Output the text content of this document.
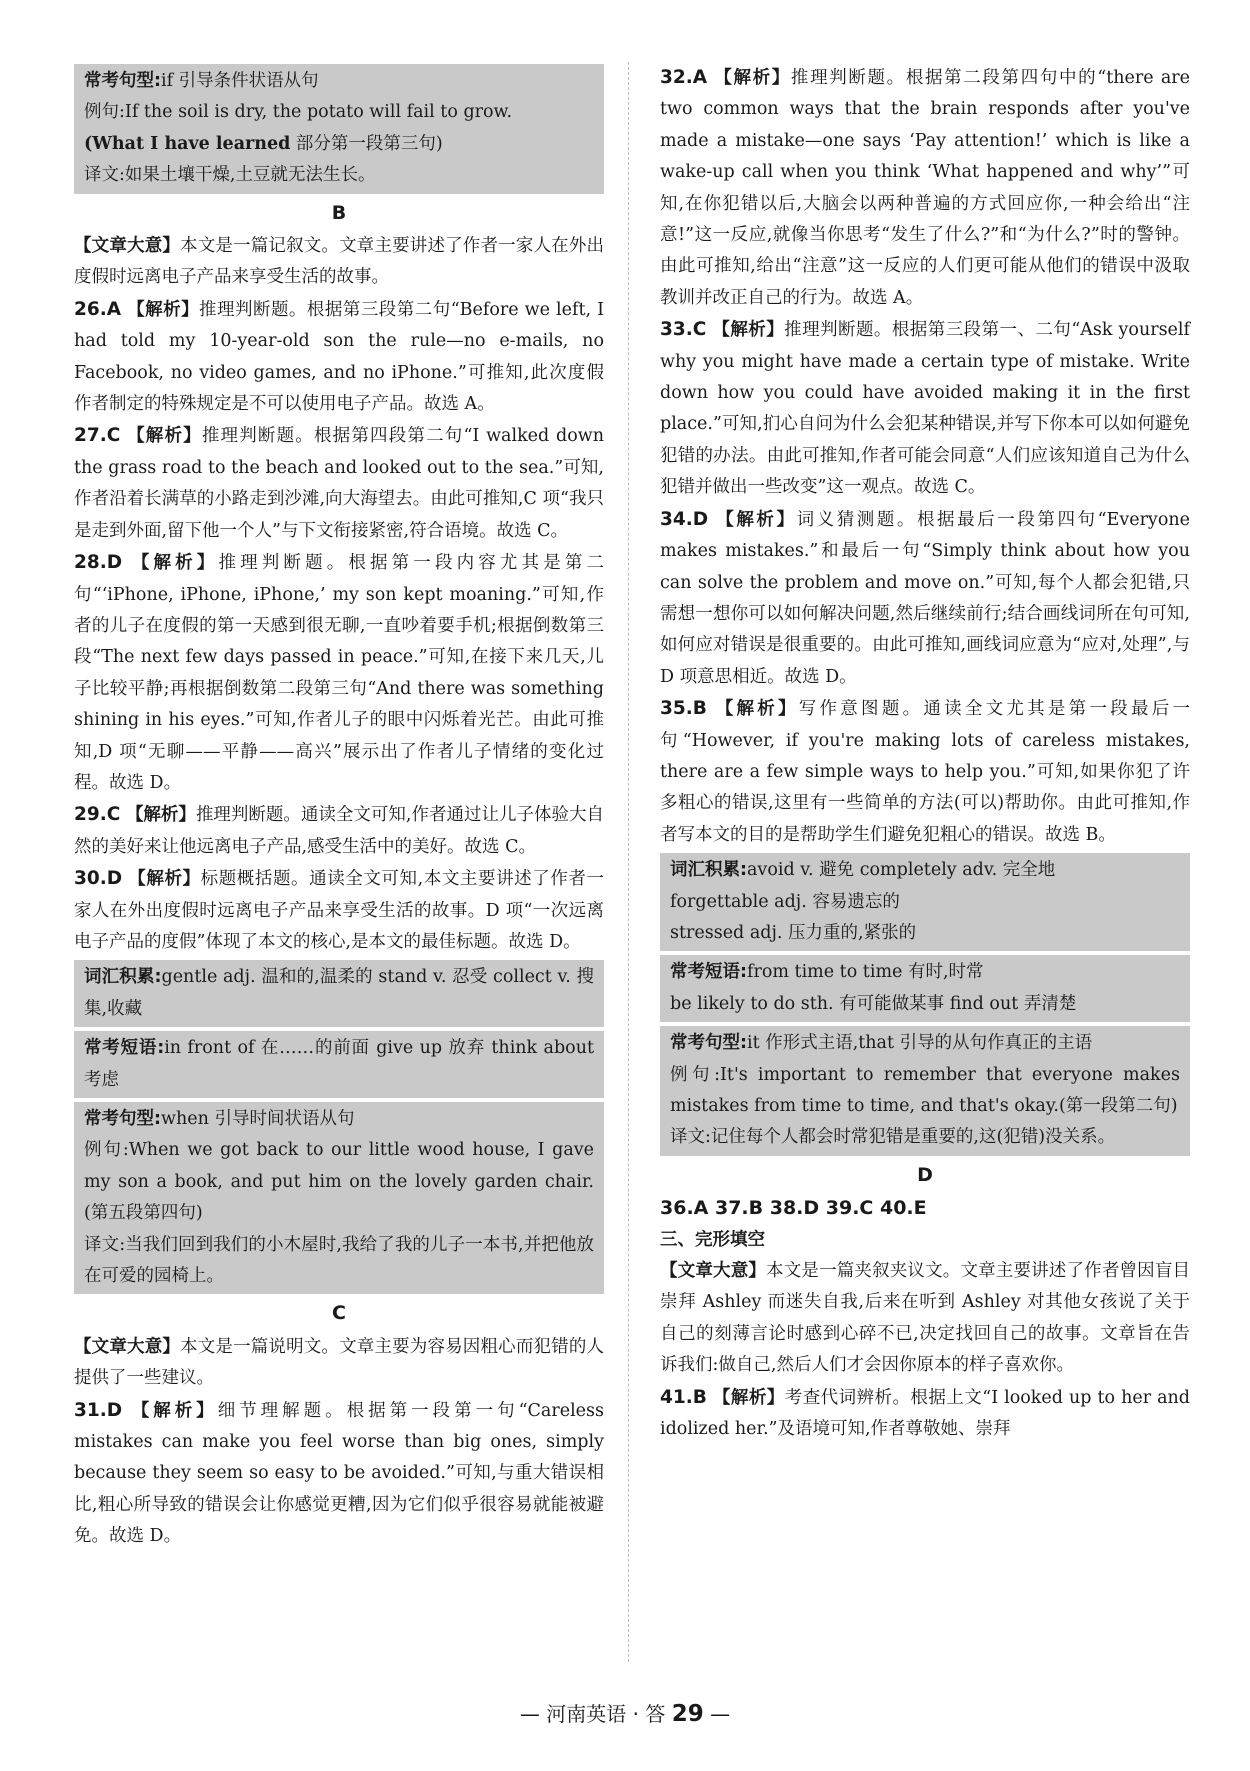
常考句型:if 引导条件状语从句

例句:If the soil is dry, the potato will fail to grow.

(What I have learned 部分第一段第三句)

译文:如果土壤干燥,土豆就无法生长。

B

【文章大意】本文是一篇记叙文。文章主要讲述了作者一家人在外出度假时远离电子产品来享受生活的故事。

26.A 【解析】推理判断题。根据第三段第二句“Before we left, I had told my 10-year-old son the rule—no e-mails, no Facebook, no video games, and no iPhone.”可推知,此次度假作者制定的特殊规定是不可以使用电子产品。故选 A。

27.C 【解析】推理判断题。根据第四段第二句“I walked down the grass road to the beach and looked out to the sea.”可知,作者沿着长满草的小路走到沙滩,向大海望去。由此可推知,C 项“我只是走到外面,留下他一个人”与下文衔接紧密,符合语境。故选 C。

28.D 【解析】推理判断题。根据第一段内容尤其是第二句“‘iPhone, iPhone, iPhone,’ my son kept moaning.”可知,作者的儿子在度假的第一天感到很无聊,一直吵着要手机;根据倒数第三段“The next few days passed in peace.”可知,在接下来几天,儿子比较平静;再根据倒数第二段第三句“And there was something shining in his eyes.”可知,作者儿子的眼中闪烁着光芒。由此可推知,D 项“无聊——平静——高兴”展示出了作者儿子情绪的变化过程。故选 D。

29.C 【解析】推理判断题。通读全文可知,作者通过让儿子体验大自然的美好来让他远离电子产品,感受生活中的美好。故选 C。

30.D 【解析】标题概括题。通读全文可知,本文主要讲述了作者一家人在外出度假时远离电子产品来享受生活的故事。D 项“一次远离电子产品的度假”体现了本文的核心,是本文的最佳标题。故选 D。

词汇积累:gentle adj. 温和的,温柔的 stand v. 忍受 collect v. 搜集,收藏

常考短语:in front of 在……的前面 give up 放弃 think about 考虑

常考句型:when 引导时间状语从句

例句:When we got back to our little wood house, I gave my son a book, and put him on the lovely garden chair.(第五段第四句)

译文:当我们回到我们的小木屋时,我给了我的儿子一本书,并把他放在可爱的园椅上。

C

【文章大意】本文是一篇说明文。文章主要为容易因粗心而犯错的人提供了一些建议。

31.D 【解析】细节理解题。根据第一段第一句“Careless mistakes can make you feel worse than big ones, simply because they seem so easy to be avoided.”可知,与重大错误相比,粗心所导致的错误会让你感觉更糟,因为它们似乎很容易就能被避免。故选 D。

32.A 【解析】推理判断题。根据第二段第四句中的“there are two common ways that the brain responds after you've made a mistake—one says ‘Pay attention!’ which is like a wake-up call when you think ‘What happened and why’”可知,在你犯错以后,大脑会以两种普遍的方式回应你,一种会给出“注意!”这一反应,就像当你思考“发生了什么?”和“为什么?”时的警钟。由此可推知,给出“注意”这一反应的人们更可能从他们的错误中汲取教训并改正自己的行为。故选 A。

33.C 【解析】推理判断题。根据第三段第一、二句“Ask yourself why you might have made a certain type of mistake. Write down how you could have avoided making it in the first place.”可知,扪心自问为什么会犯某种错误,并写下你本可以如何避免犯错的办法。由此可推知,作者可能会同意“人们应该知道自己为什么犯错并做出一些改变”这一观点。故选 C。

34.D 【解析】词义猜测题。根据最后一段第四句“Everyone makes mistakes.”和最后一句“Simply think about how you can solve the problem and move on.”可知,每个人都会犯错,只需想一想你可以如何解决问题,然后继续前行;结合画线词所在句可知,如何应对错误是很重要的。由此可推知,画线词应意为“应对,处理”,与 D 项意思相近。故选 D。

35.B 【解析】写作意图题。通读全文尤其是第一段最后一句“However, if you're making lots of careless mistakes, there are a few simple ways to help you.”可知,如果你犯了许多粗心的错误,这里有一些简单的方法(可以)帮助你。由此可推知,作者写本文的目的是帮助学生们避免犯粗心的错误。故选 B。

词汇积累:avoid v. 避免 completely adv. 完全地

forgettable adj. 容易遗忘的

stressed adj. 压力重的,紧张的

常考短语:from time to time 有时,时常

be likely to do sth. 有可能做某事 find out 弄清楚

常考句型:it 作形式主语,that 引导的从句作真正的主语

例句:It's important to remember that everyone makes mistakes from time to time, and that's okay.(第一段第二句)

译文:记住每个人都会时常犯错是重要的,这(犯错)没关系。

D

36.A 37.B 38.D 39.C 40.E

三、完形填空

【文章大意】本文是一篇夹叙夹议文。文章主要讲述了作者曾因盲目崇拜 Ashley 而迷失自我,后来在听到 Ashley 对其他女孩说了关于自己的刻薄言论时感到心碎不已,决定找回自己的故事。文章旨在告诉我们:做自己,然后人们才会因你原本的样子喜欢你。

41.B 【解析】考查代词辨析。根据上文“I looked up to her and idolized her.”及语境可知,作者尊敬她、崇拜

— 河南英语 · 答 29 —
